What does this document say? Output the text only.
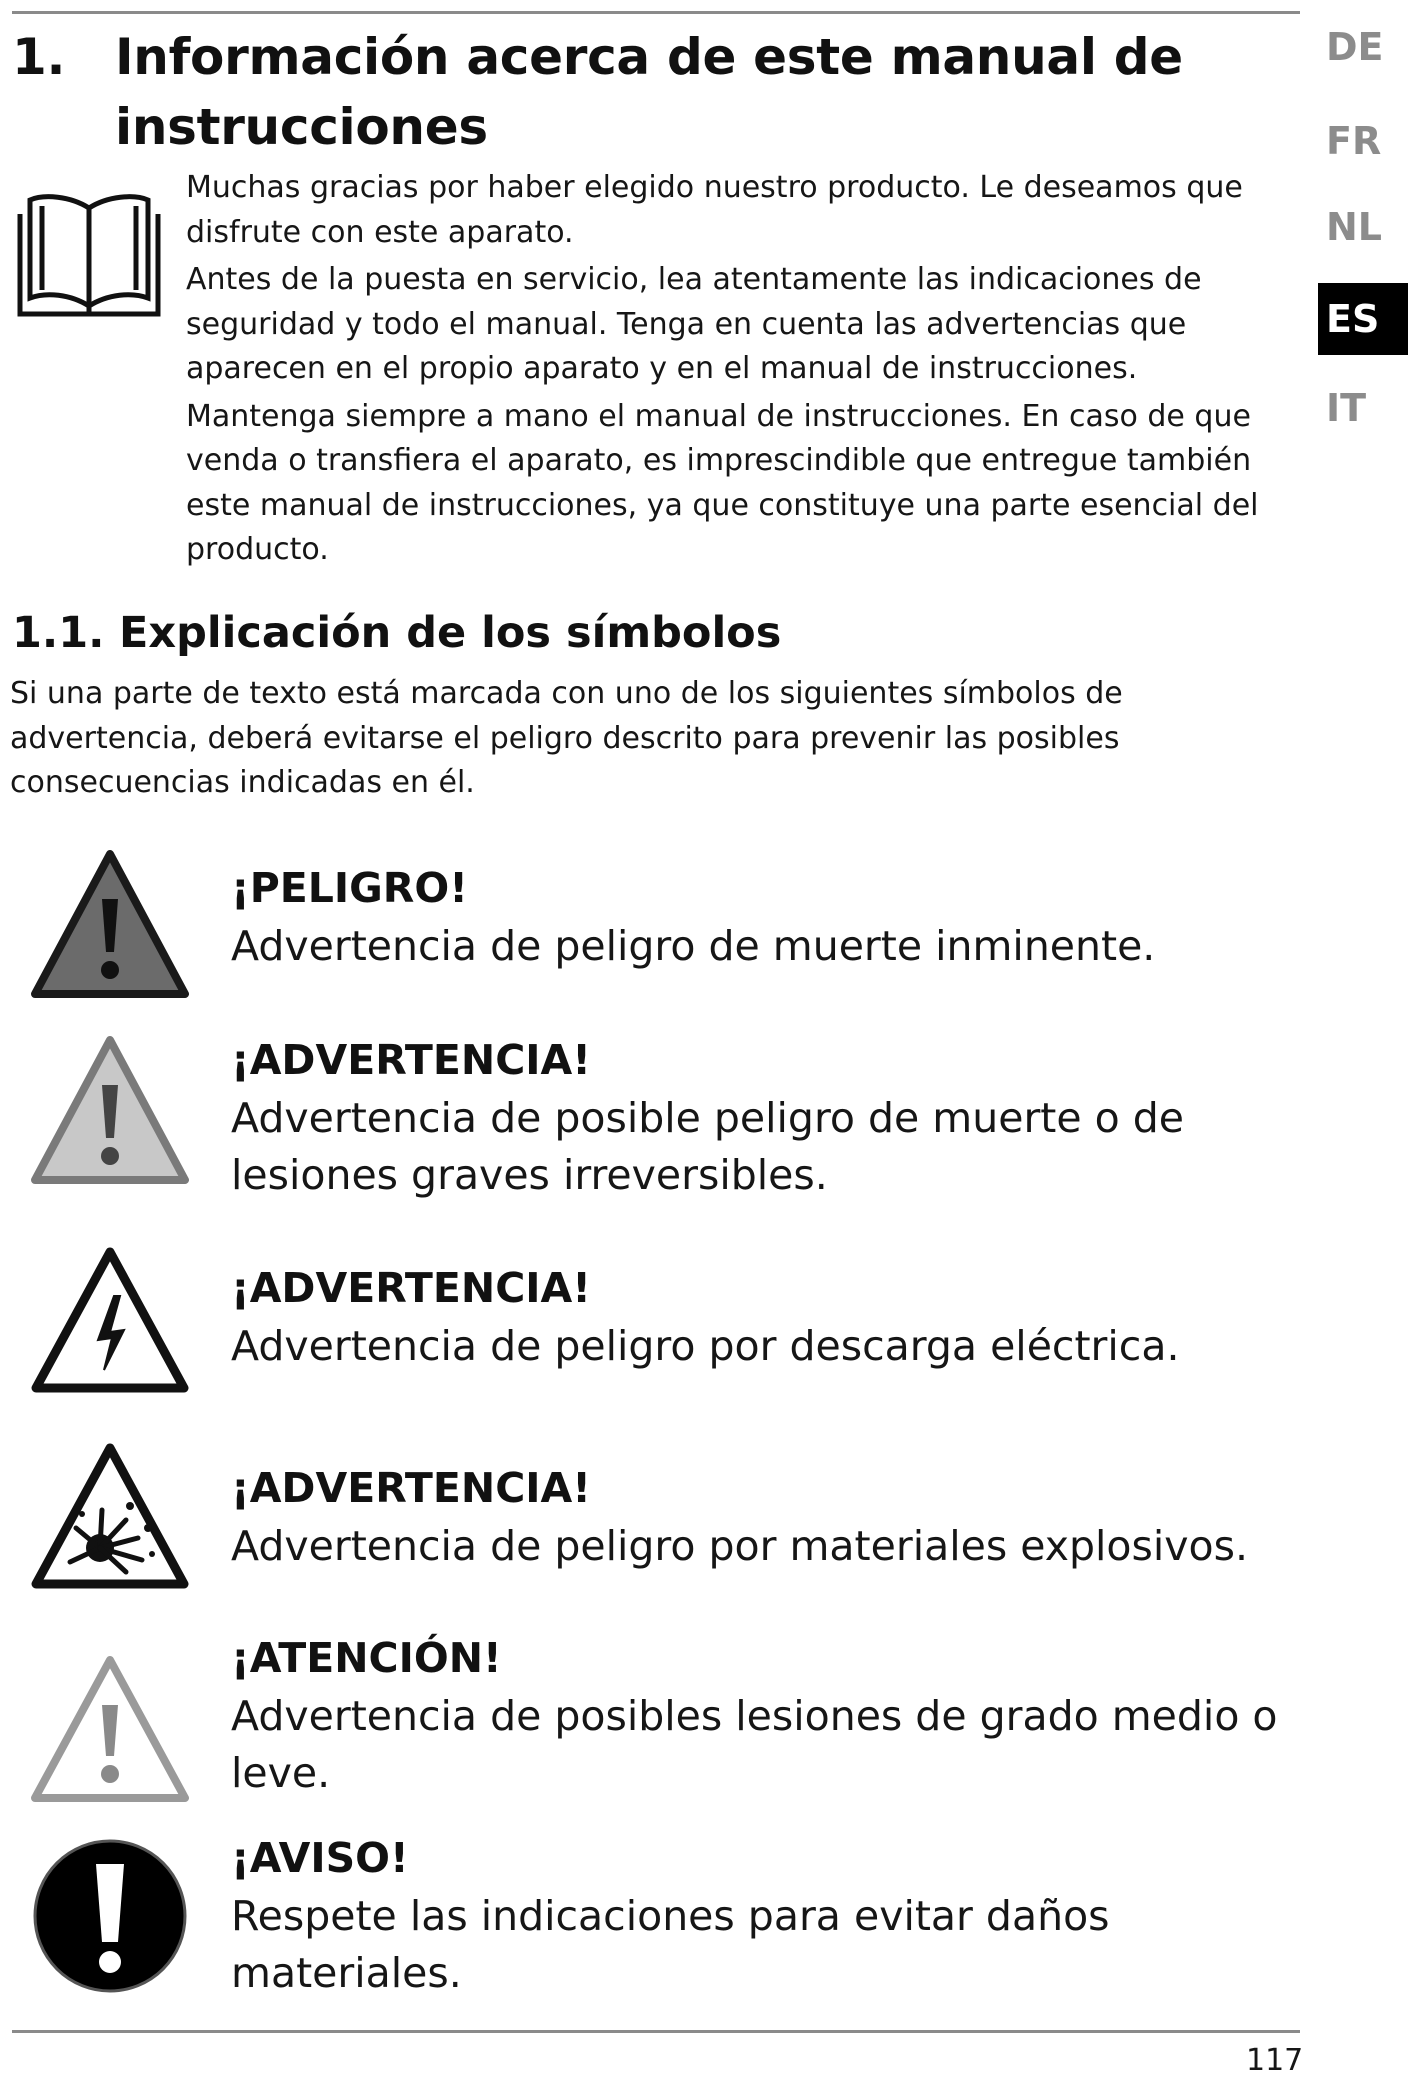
1. Información acerca de este manual de
instrucciones

Muchas gracias por haber elegido nuestro producto. Le deseamos que disfrute con este aparato.

Antes de la puesta en servicio, lea atentamente las indicaciones de seguridad y todo el manual. Tenga en cuenta las advertencias que aparecen en el propio aparato y en el manual de instrucciones.

Mantenga siempre a mano el manual de instrucciones. En caso de que venda o transfiera el aparato, es imprescindible que entregue también este manual de instrucciones, ya que constituye una parte esencial del producto.

1.1. Explicación de los símbolos

Si una parte de texto está marcada con uno de los siguientes símbolos de advertencia, deberá evitarse el peligro descrito para prevenir las posibles consecuencias indicadas en él.

¡PELIGRO!
Advertencia de peligro de muerte inminente.
¡ADVERTENCIA!
Advertencia de posible peligro de muerte o de lesiones graves irreversibles.
¡ADVERTENCIA!
Advertencia de peligro por descarga eléctrica.
¡ADVERTENCIA!
Advertencia de peligro por materiales explosivos.
¡ATENCIÓN!
Advertencia de posibles lesiones de grado medio o leve.
¡AVISO!
Respete las indicaciones para evitar daños materiales.
DE
FR
NL
ES
IT
117
